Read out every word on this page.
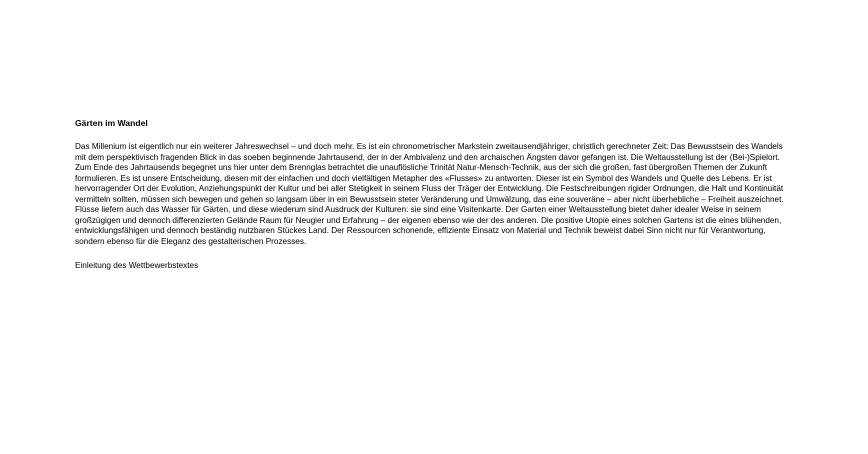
Gärten im Wandel

Das Millenium ist eigentlich nur ein weiterer Jahreswechsel – und doch mehr. Es ist ein chronometrischer Markstein zweitausendjähriger, christlich gerechneter Zeit: Das Bewusstsein des Wandels mit dem perspektivisch fragenden Blick in das soeben beginnende Jahrtausend, der in der Ambivalenz und den archaischen Ängsten davor gefangen ist. Die Weltausstellung ist der (Bei-)Spielort. Zum Ende des Jahrtausends begegnet uns hier unter dem Brennglas betrachtet die unauflösliche Trinität Natur-Mensch-Technik, aus der sich die großen, fast übergroßen Themen der Zukunft formulieren. Es ist unsere Entscheidung, diesen mit der einfachen und doch vielfältigen Metapher des «Flusses» zu antworten. Dieser ist ein Symbol des Wandels und Quelle des Lebens. Er ist hervorragender Ort der Evolution, Anziehungspunkt der Kultur und bei aller Stetigkeit in seinem Fluss der Träger der Entwicklung. Die Festschreibungen rigider Ordnungen, die Halt und Kontinuität vermitteln sollten, müssen sich bewegen und gehen so langsam über in ein Bewusstsein steter Veränderung und Umwälzung, das eine souveräne – aber nicht überhebliche – Freiheit auszeichnet.

Flüsse liefern auch das Wasser für Gärten, und diese wiederum sind Ausdruck der Kulturen: sie sind eine Visitenkarte. Der Garten einer Weltausstellung bietet daher idealer Weise in seinem großzügigen und dennoch differenzierten Gelände Raum für Neugier und Erfahrung – der eigenen ebenso wie der des anderen. Die positive Utopie eines solchen Gartens ist die eines blühenden, entwicklungsfähigen und dennoch beständig nutzbaren Stückes Land. Der Ressourcen schonende, effiziente Einsatz von Material und Technik beweist dabei Sinn nicht nur für Verantwortung, sondern ebenso für die Eleganz des gestalterischen Prozesses.

Einleitung des Wettbewerbstextes
